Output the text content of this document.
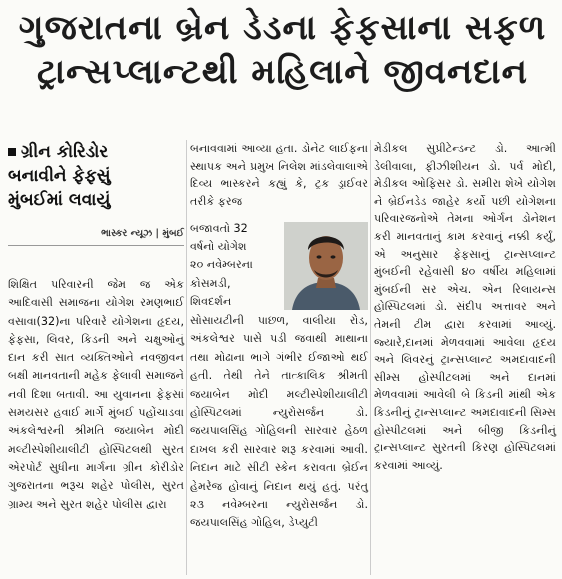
ગુજરાતના બ્રેન ડેડના ફેફસાના સફળ
ટ્રાન્સપ્લાન્ટથી મહિલાને જીવનદાન
ગ્રીન કોરિડોર
બનાવીને ફેફસું
મુંબઈમાં લવાયું
ભાસ્કર ન્યૂઝ | મુંબઈ

શિક્ષિત પરિવારની જેમ જ એક આદિવાસી સમાજના યોગેશ રમણભાઈ વસાવા(32)ના પરિવારે યોગેશના હૃદય, ફેફસા, લિવર, કિડની અને ચક્ષુઓનું દાન કરી સાત વ્યક્તિઓને નવજીવન બક્ષી માનવતાની મહેક ફેલાવી સમાજને નવી દિશા બતાવી. આ યુવાનના ફેફસાં સમયસર હવાઈ માર્ગે મુંબઈ પહોંચાડવા અંકલેશ્વરની શ્રીમતિ જયાબેન મોદી મલ્ટીસ્પેશીયાલીટી હોસ્પિટલથી સુરત એરપોર્ટ સુધીના માર્ગના ગ્રીન કોરીડોર ગુજરાતના ભરૂચ શહેર પોલીસ, સુરત ગ્રામ્ય અને સુરત શહેર પોલીસ દ્વારા

બનાવવામાં આવ્યા હતા. ડોનેટ લાઈફના સ્થાપક અને પ્રમુખ નિલેશ માંડલેવાલાએ દિવ્ય ભાસ્કરને કહ્યું કે, ટ્રક ડ્રાઈવર તરીકે ફરજ

બજાવતો 32
વર્ષનો યોગેશ
૨૦ નવેમ્બરના
કોસમડી,
શિવદર્શન

સોસાયટીની પાછળ, વાલીયા રોડ, અંકલેશ્વર પાસે પડી જવાથી માથાના તથા મોઢાના ભાગે ગંભીર ઈજાઓ થઈ હતી. તેથી તેને તાત્કાલિક શ્રીમતી જયાબેન મોદી મલ્ટીસ્પેશીયાલીટી હોસ્પિટલમાં ન્યુરોસર્જન ડો. જયપાલસિંહ ગોહિલની સારવાર હેઠળ દાખલ કરી સારવાર શરૂ કરવામાં આવી. નિદાન માટે સીટી સ્કેન કરાવતા બ્રેઈન હેમરેજ હોવાનું નિદાન થયું હતું. પરંતુ ૨૩ નવેમ્બરના ન્યુરોસર્જન ડો. જયપાલસિંહ ગોહિલ, ડેપ્યુટી

મેડીકલ સુપ્રીટેન્ડન્ટ ડો. આત્મી ડેલીવાલા, ફીઝીશીયન ડો. પર્વ મોદી, મેડીકલ ઓફિસર ડો. સમીરા શેખે યોગેશ ને બ્રેઈનડેડ જાહેર કર્યો પછી યોગેશના પરિવારજનોએ તેમના ઓર્ગન ડોનેશન કરી માનવતાનું કામ કરવાનું નક્કી કર્યું, એ અનુસાર ફેફસાનું ટ્રાન્સપ્લાન્ટ મુંબઈની રહેવાસી ૪૦ વર્ષીય મહિલામાં મુંબઈની સર એચ. એન રિલાયન્સ હોસ્પિટલમાં ડો. સંદીપ અત્તાવર અને તેમની ટીમ દ્વારા કરવામાં આવ્યું. જ્યારે,દાનમાં મેળવવામાં આવેલા હૃદય અને લિવરનું ટ્રાન્સપ્લાન્ટ અમદાવાદની સીમ્સ હોસ્પીટલમાં અને દાનમાં મેળવવામાં આવેલી બે કિડની માંથી એક કિડનીનું ટ્રાન્સપ્લાન્ટ અમદાવાદની સિમ્સ હોસ્પીટલમાં અને બીજી કિડનીનું ટ્રાન્સપ્લાન્ટ સુરતની કિરણ હોસ્પિટલમાં કરવામાં આવ્યું.
